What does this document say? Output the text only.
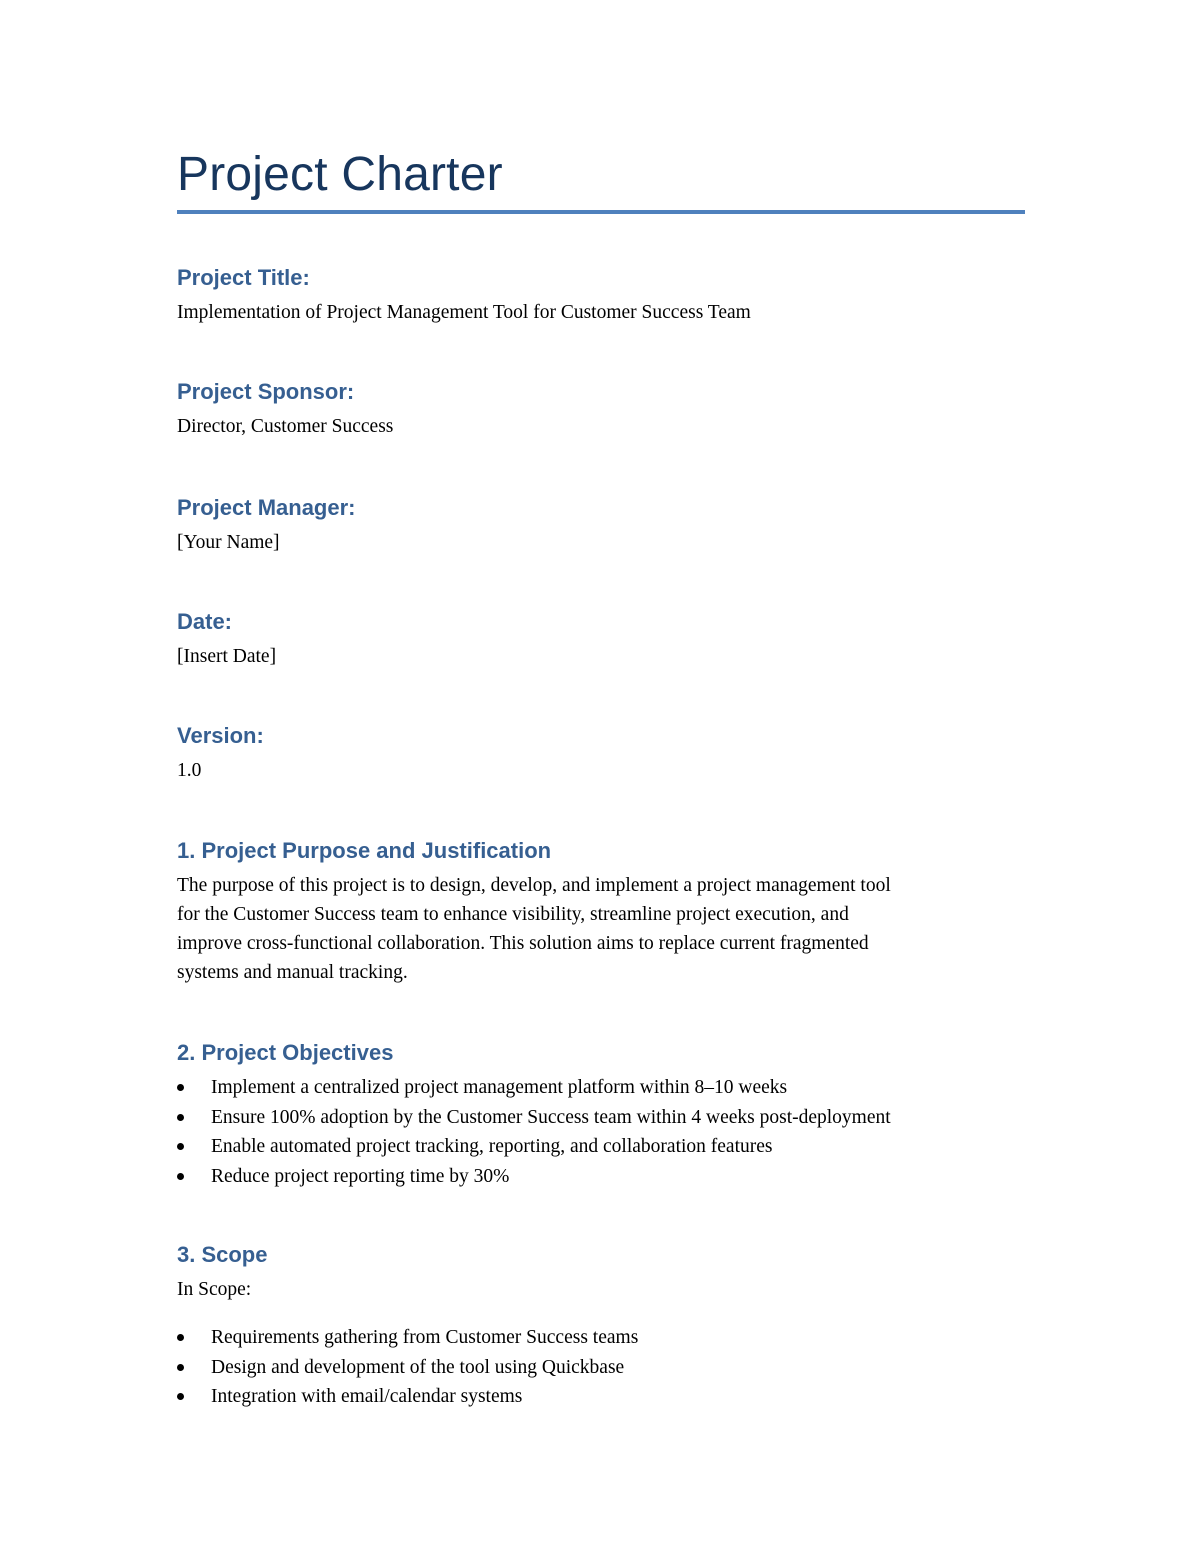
Project Charter
Project Title:
Implementation of Project Management Tool for Customer Success Team
Project Sponsor:
Director, Customer Success
Project Manager:
[Your Name]
Date:
[Insert Date]
Version:
1.0
1. Project Purpose and Justification
The purpose of this project is to design, develop, and implement a project management tool
for the Customer Success team to enhance visibility, streamline project execution, and
improve cross-functional collaboration. This solution aims to replace current fragmented
systems and manual tracking.
2. Project Objectives
Implement a centralized project management platform within 8–10 weeks
Ensure 100% adoption by the Customer Success team within 4 weeks post-deployment
Enable automated project tracking, reporting, and collaboration features
Reduce project reporting time by 30%
3. Scope
In Scope:
Requirements gathering from Customer Success teams
Design and development of the tool using Quickbase
Integration with email/calendar systems
